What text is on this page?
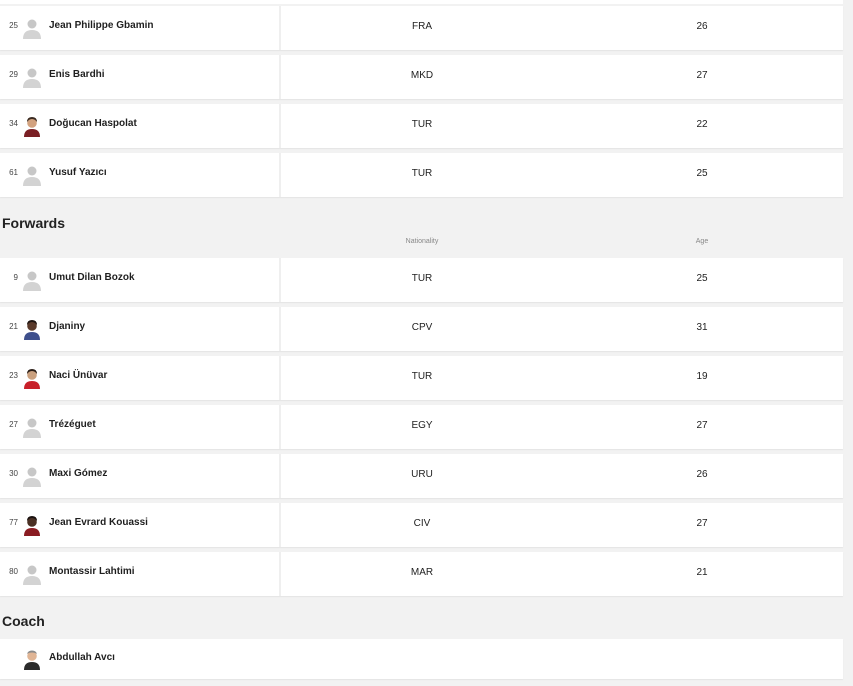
25	Jean Philippe Gbamin	FRA	26
29	Enis Bardhi	MKD	27
34	Doğucan Haspolat	TUR	22
61	Yusuf Yazıcı	TUR	25
Forwards
Nationality	Age
9	Umut Dilan Bozok	TUR	25
21	Djaniny	CPV	31
23	Naci Ünüvar	TUR	19
27	Trézéguet	EGY	27
30	Maxi Gómez	URU	26
77	Jean Evrard Kouassi	CIV	27
80	Montassir Lahtimi	MAR	21
Coach
Abdullah Avcı
